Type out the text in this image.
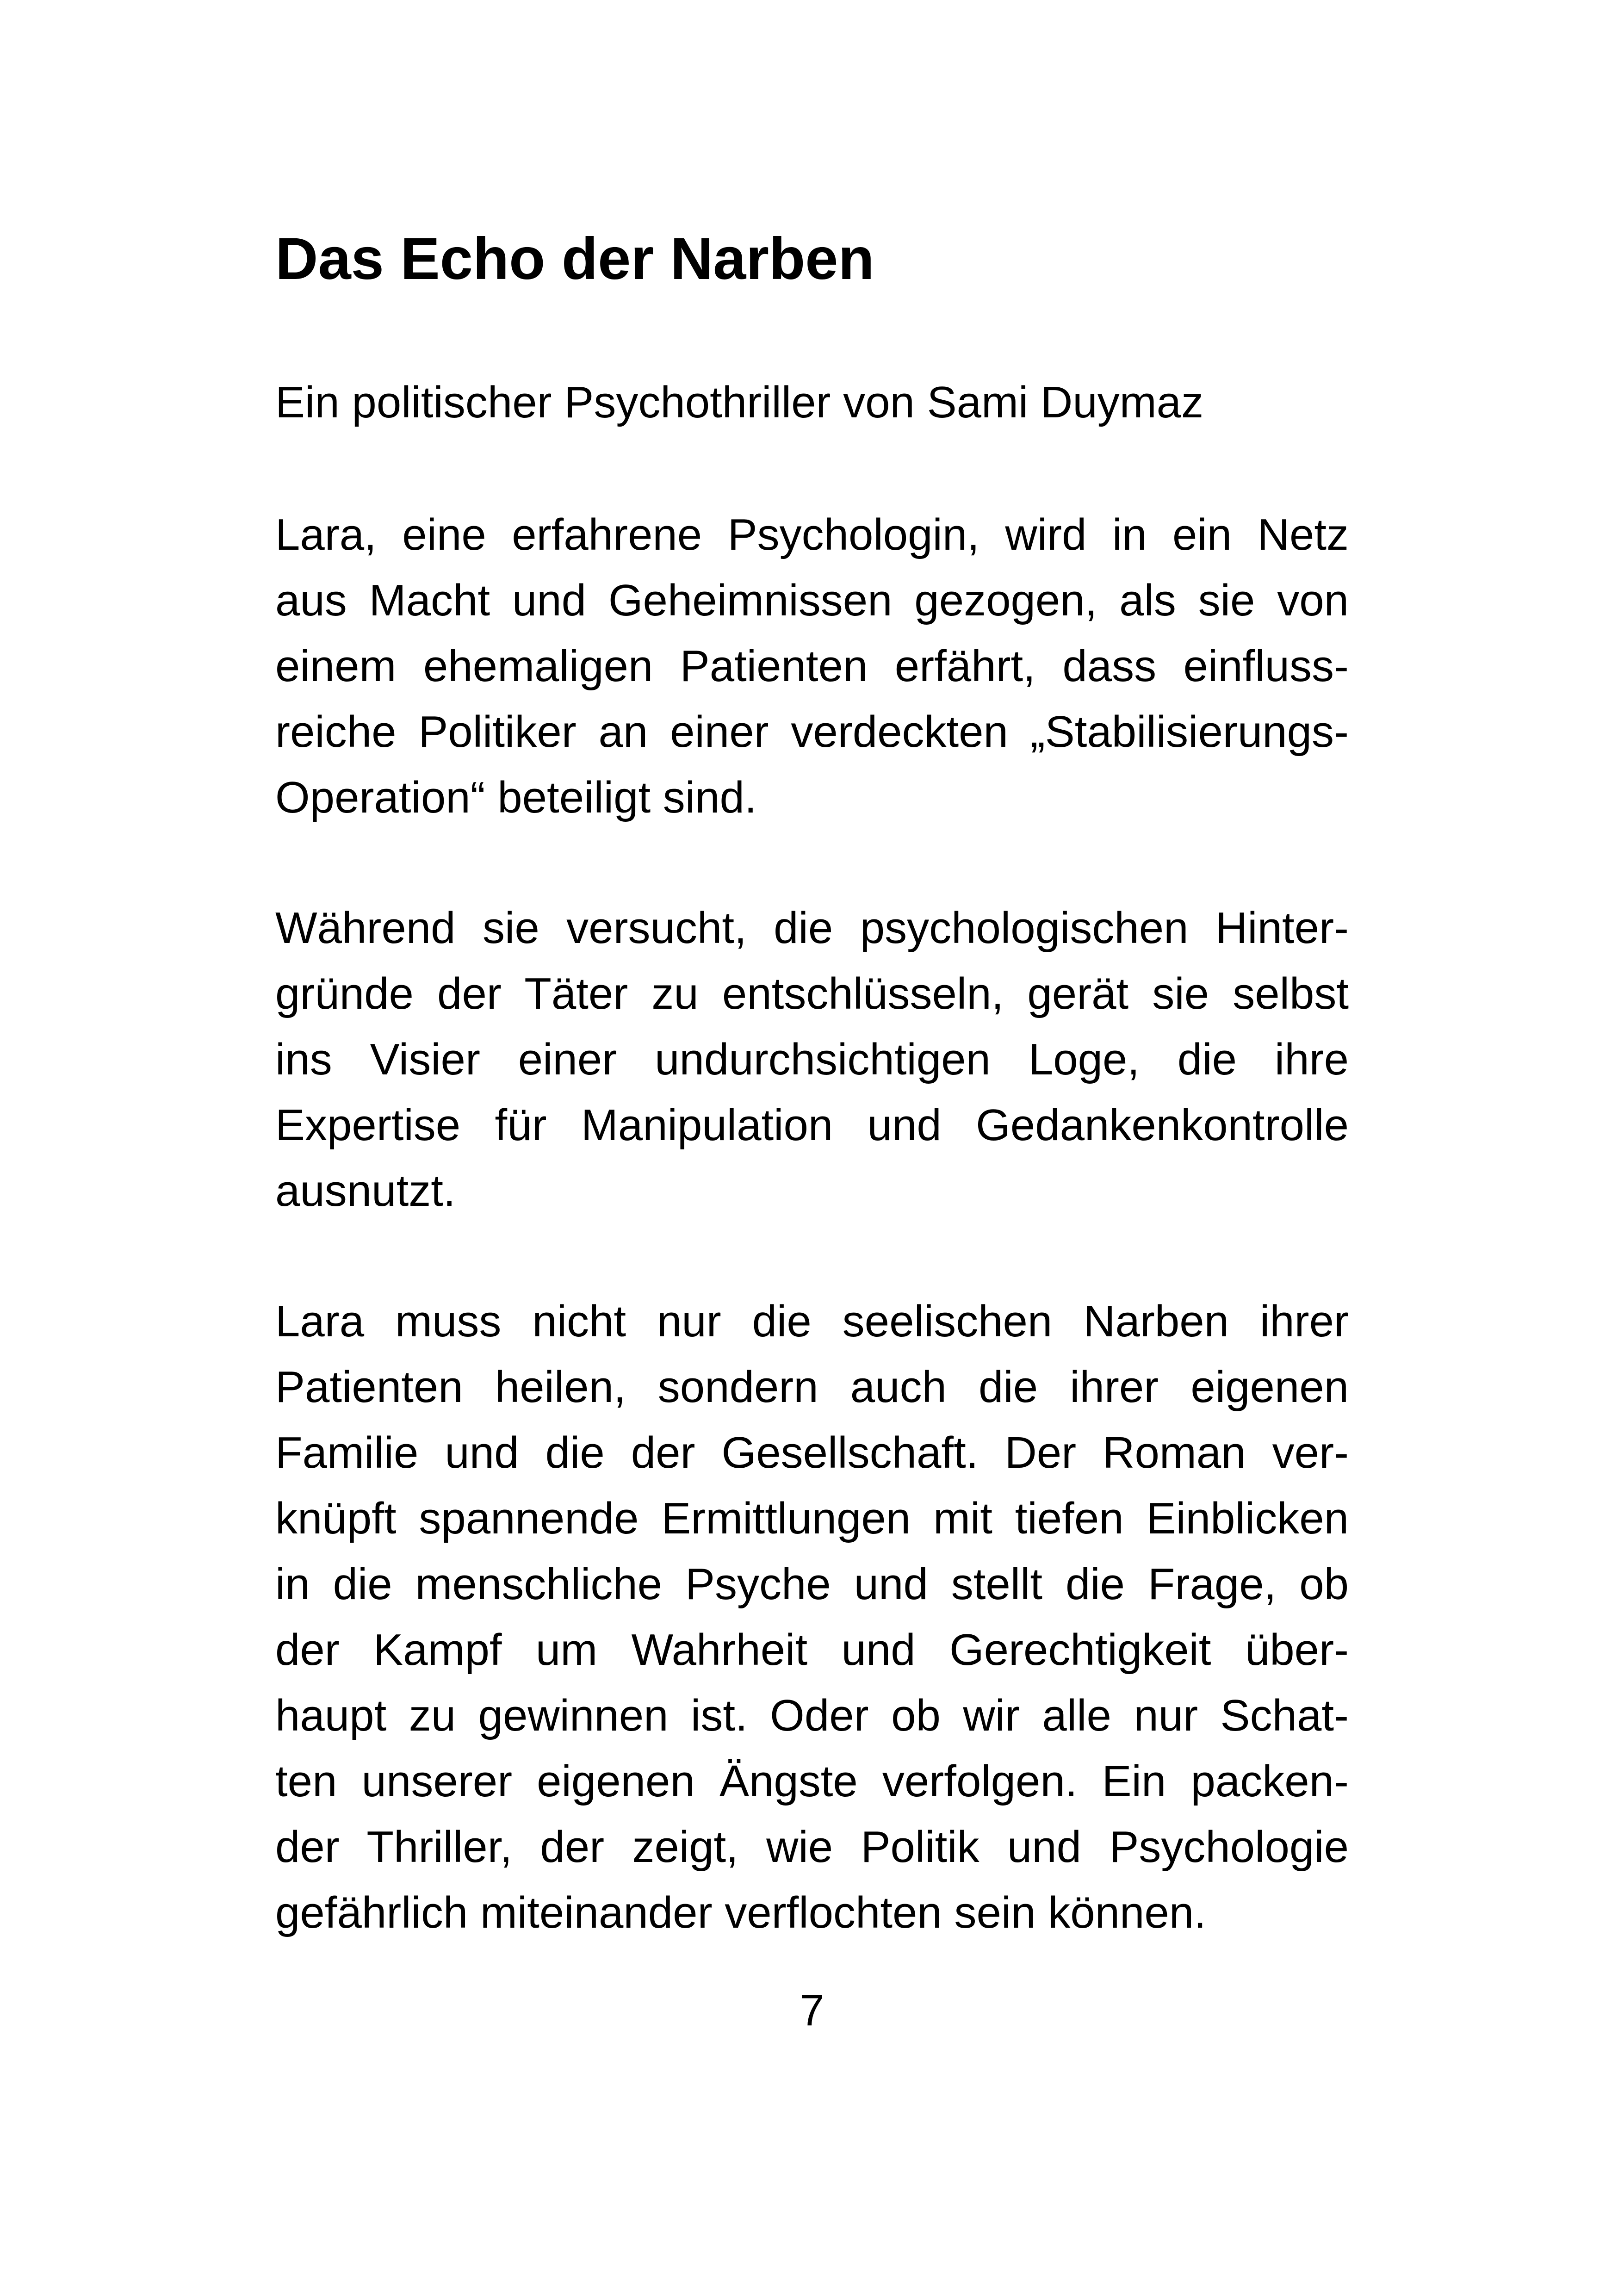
Das Echo der Narben

Ein politischer Psychothriller von Sami Duymaz

Lara, eine erfahrene Psychologin, wird in ein Netz
aus Macht und Geheimnissen gezogen, als sie von
einem ehemaligen Patienten erfährt, dass einfluss-
reiche Politiker an einer verdeckten „Stabilisierungs-
Operation“ beteiligt sind.
Während sie versucht, die psychologischen Hinter-
gründe der Täter zu entschlüsseln, gerät sie selbst
ins Visier einer undurchsichtigen Loge, die ihre
Expertise für Manipulation und Gedankenkontrolle
ausnutzt.
Lara muss nicht nur die seelischen Narben ihrer
Patienten heilen, sondern auch die ihrer eigenen
Familie und die der Gesellschaft. Der Roman ver-
knüpft spannende Ermittlungen mit tiefen Einblicken
in die menschliche Psyche und stellt die Frage, ob
der Kampf um Wahrheit und Gerechtigkeit über-
haupt zu gewinnen ist. Oder ob wir alle nur Schat-
ten unserer eigenen Ängste verfolgen. Ein packen-
der Thriller, der zeigt, wie Politik und Psychologie
gefährlich miteinander verflochten sein können.
7
